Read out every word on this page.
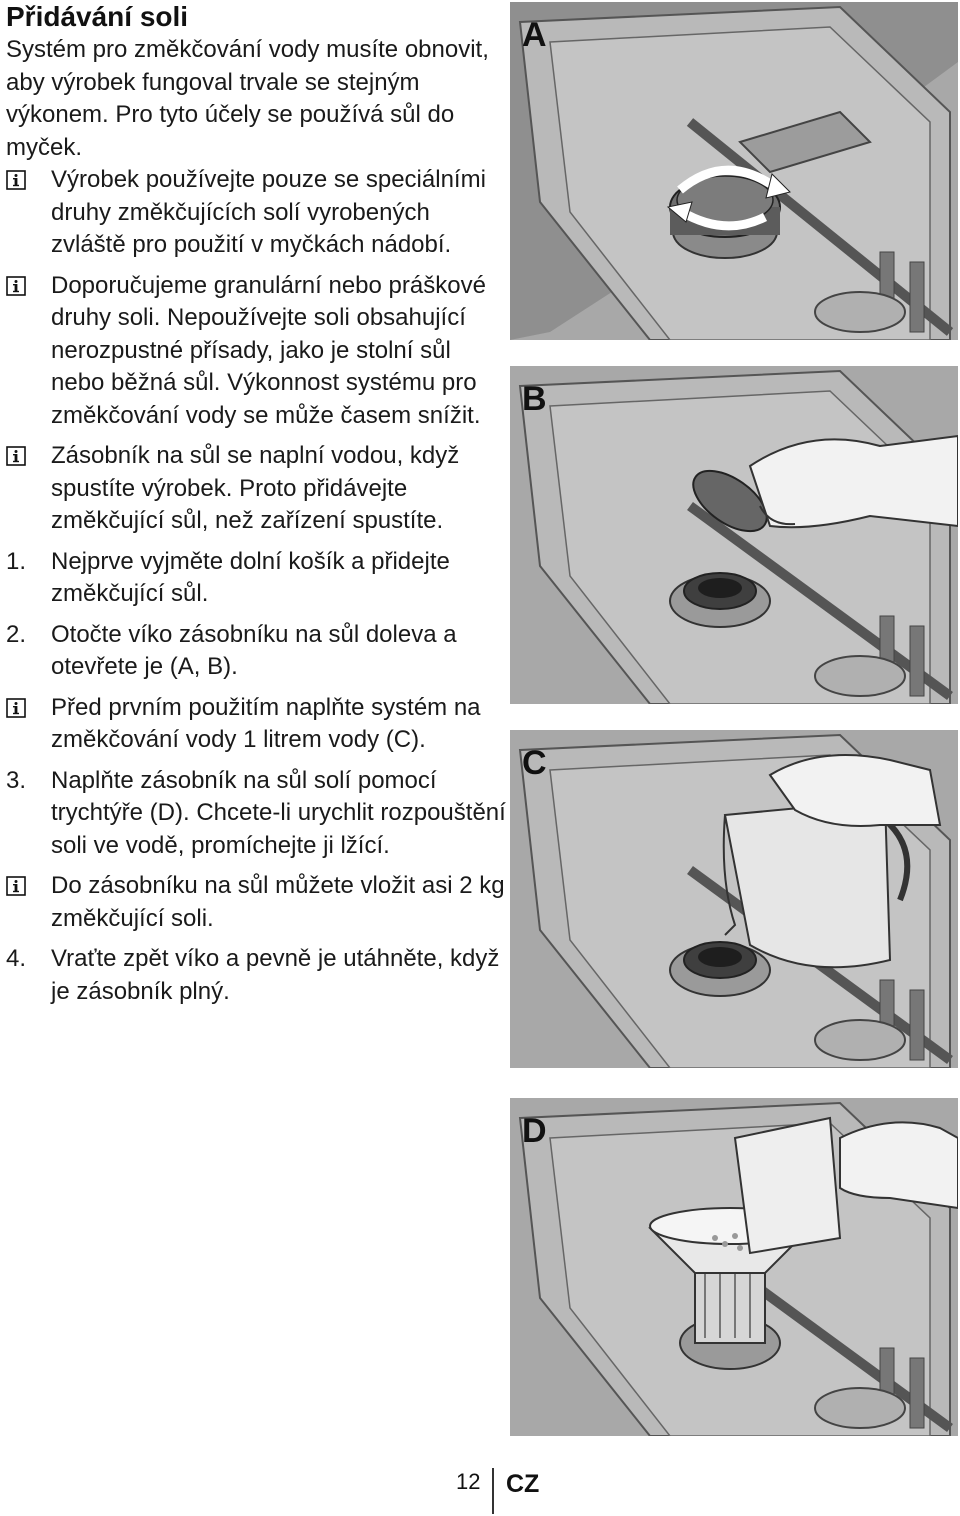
Přidávání soli

Systém pro změkčování vody musíte obnovit, aby výrobek fungoval trvale se stejným výkonem. Pro tyto účely se používá sůl do myček.

Výrobek používejte pouze se speciálními druhy změkčujících solí vyrobených zvláště pro použití v myčkách nádobí.
Doporučujeme granulární nebo práškové druhy soli. Nepoužívejte soli obsahující nerozpustné přísady, jako je stolní sůl nebo běžná sůl. Výkonnost systému pro změkčování vody se může časem snížit.
Zásobník na sůl se naplní vodou, když spustíte výrobek. Proto přidávejte změkčující sůl, než zařízení spustíte.
1. Nejprve vyjměte dolní košík a přidejte změkčující sůl.
2. Otočte víko zásobníku na sůl doleva a otevřete je (A, B).
Před prvním použitím naplňte systém na změkčování vody 1 litrem vody (C).
3. Naplňte zásobník na sůl solí pomocí trychtýře (D). Chcete-li urychlit rozpouštění soli ve vodě, promíchejte ji lžící.
Do zásobníku na sůl můžete vložit asi 2 kg změkčující soli.
4. Vraťte zpět víko a pevně je utáhněte, když je zásobník plný.
A
B
C
D
12 CZ
